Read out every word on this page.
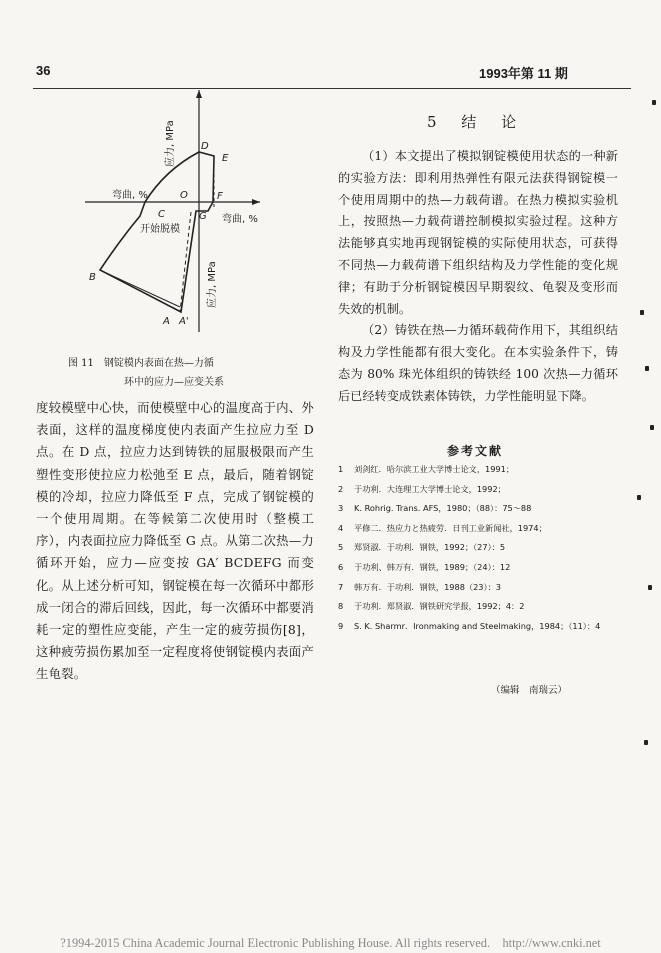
36	1993年第 11 期
应力, MPa
应力, MPa
弯曲, %
弯曲, %
O
D
E
F
C	G
B
A A'
开始脱模
图 11　钢锭模内表面在热—力循
环中的应力—应变关系

度较模壁中心快，而使模壁中心的温度高于内、外表面，这样的温度梯度使内表面产生拉应力至 D 点。在 D 点，拉应力达到铸铁的屈服极限而产生塑性变形使拉应力松弛至 E 点，最后，随着钢锭模的冷却，拉应力降低至 F 点，完成了钢锭模的一个使用周期。在等候第二次使用时（整模工序），内表面拉应力降低至 G 点。从第二次热—力循环开始，应力—应变按 GA′ BCDEFG 而变化。从上述分析可知，钢锭模在每一次循环中都形成一闭合的滞后回线，因此，每一次循环中都要消耗一定的塑性应变能，产生一定的疲劳损伤[8]，这种疲劳损伤累加至一定程度将使钢锭模内表面产生龟裂。

5 结 论

（1）本文提出了模拟钢锭模使用状态的一种新的实验方法：即利用热弹性有限元法获得钢锭模一个使用周期中的热—力载荷谱。在热力模拟实验机上，按照热—力载荷谱控制模拟实验过程。这种方法能够真实地再现钢锭模的实际使用状态，可获得不同热—力载荷谱下组织结构及力学性能的变化规律；有助于分析钢锭模因早期裂纹、龟裂及变形而失效的机制。

（2）铸铁在热—力循环载荷作用下，其组织结构及力学性能都有很大变化。在本实验条件下，铸态为 80% 珠光体组织的铸铁经 100 次热—力循环后已经转变成铁素体铸铁，力学性能明显下降。

参考文献
1	刘剑红．哈尔滨工业大学博士论文，1991；
2	于功利．大连理工大学博士论文，1992；
3	K. Rohrig. Trans. AFS，1980；（88）：75～88
4	平修二．热应力と热疲劳．日刊工业新闻社，1974；
5	郑贤淑．于功利．钢铁，1992；（27）：5
6	于功利、韩万有．钢铁，1989；（24）：12
7	韩万有．于功利．钢铁，1988（23）：3
8	于功利．郑贤淑．钢铁研究学报，1992；4：2
9	S. K. Sharmr．Ironmaking and Steelmaking，1984；（11）：4
（编辑　南瑞云）
?1994-2015 China Academic Journal Electronic Publishing House. All rights reserved.　http://www.cnki.net
